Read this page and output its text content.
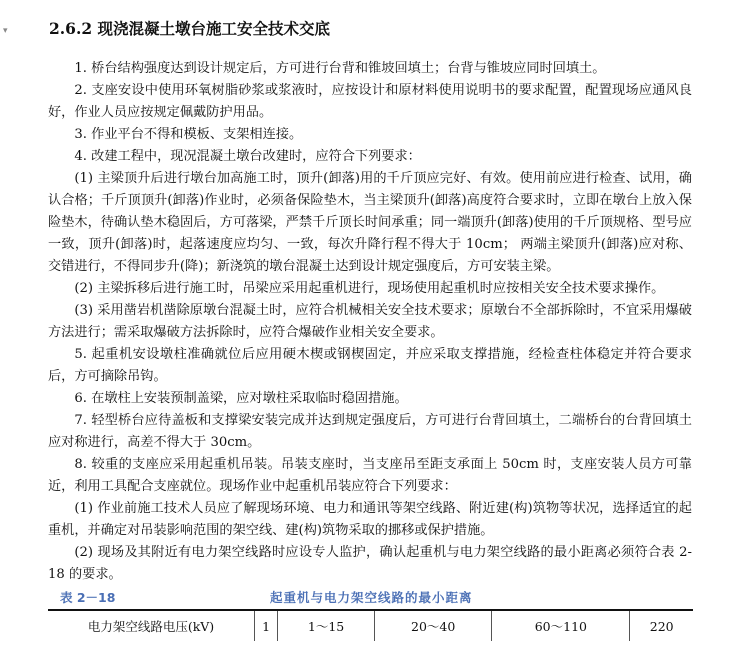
▾	2.6.2 现浇混凝土墩台施工安全技术交底

1. 桥台结构强度达到设计规定后，方可进行台背和锥坡回填土；台背与锥坡应同时回填土。

2. 支座安设中使用环氧树脂砂浆或浆液时，应按设计和原材料使用说明书的要求配置，配置现场应通风良好，作业人员应按规定佩戴防护用品。

3. 作业平台不得和模板、支架相连接。

4. 改建工程中，现况混凝土墩台改建时，应符合下列要求：

(1) 主梁顶升后进行墩台加高施工时，顶升(卸落)用的千斤顶应完好、有效。使用前应进行检查、试用，确认合格；千斤顶顶升(卸落)作业时，必须备保险垫木，当主梁顶升(卸落)高度符合要求时，立即在墩台上放入保险垫木，待确认垫木稳固后，方可落梁，严禁千斤顶长时间承重；同一端顶升(卸落)使用的千斤顶规格、型号应一致，顶升(卸落)时，起落速度应均匀、一致，每次升降行程不得大于 10cm； 两端主梁顶升(卸落)应对称、交错进行，不得同步升(降)；新浇筑的墩台混凝土达到设计规定强度后，方可安装主梁。

(2) 主梁拆移后进行施工时，吊梁应采用起重机进行，现场使用起重机时应按相关安全技术要求操作。

(3) 采用凿岩机凿除原墩台混凝土时，应符合机械相关安全技术要求；原墩台不全部拆除时，不宜采用爆破方法进行；需采取爆破方法拆除时，应符合爆破作业相关安全要求。

5. 起重机安设墩柱准确就位后应用硬木楔或钢楔固定，并应采取支撑措施，经检查柱体稳定并符合要求后，方可摘除吊钩。

6. 在墩柱上安装预制盖梁，应对墩柱采取临时稳固措施。

7. 轻型桥台应待盖板和支撑梁安装完成并达到规定强度后，方可进行台背回填土，二端桥台的台背回填土应对称进行，高差不得大于 30cm。

8. 较重的支座应采用起重机吊装。吊装支座时，当支座吊至距支承面上 50cm 时，支座安装人员方可靠近，利用工具配合支座就位。现场作业中起重机吊装应符合下列要求：

(1) 作业前施工技术人员应了解现场环境、电力和通讯等架空线路、附近建(构)筑物等状况，选择适宜的起重机，并确定对吊装影响范围的架空线、建(构)筑物采取的挪移或保护措施。

(2) 现场及其附近有电力架空线路时应设专人监护，确认起重机与电力架空线路的最小距离必须符合表 2-18 的要求。

表 2－18	起重机与电力架空线路的最小距离
电力架空线路电压(kV)	1	1～15	20～40	60～110	220
